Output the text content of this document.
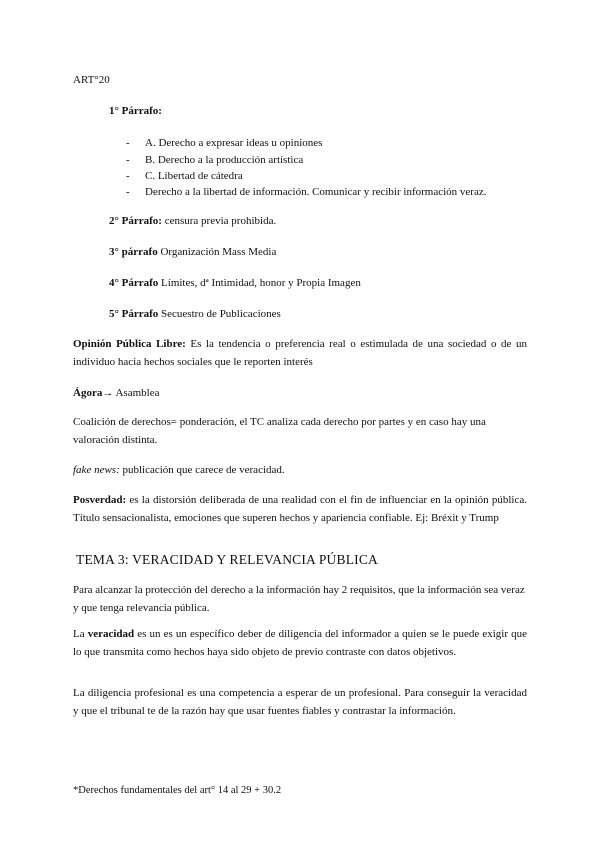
ART°20
1° Párrafo:
- A. Derecho a expresar ideas u opiniones
- B. Derecho a la producción artística
- C. Libertad de cátedra
- Derecho a la libertad de información. Comunicar y recibir información veraz.
2° Párrafo: censura previa prohibida.
3° párrafo Organización Mass Media
4° Párrafo Límites, dª Intimidad, honor y Propia Imagen
5° Párrafo Secuestro de Publicaciones
Opinión Pública Libre: Es la tendencia o preferencia real o estimulada de una sociedad o de un individuo hacia hechos sociales que le reporten interés
Ágora→ Asamblea
Coalición de derechos= ponderación, el TC analiza cada derecho por partes y en caso hay una valoración distinta.
fake news: publicación que carece de veracidad.
Posverdad: es la distorsión deliberada de una realidad con el fin de influenciar en la opinión pública. Título sensacionalista, emociones que superen hechos y apariencia confiable. Ej: Bréxit y Trump
TEMA 3: VERACIDAD Y RELEVANCIA PÚBLICA
Para alcanzar la protección del derecho a la información hay 2 requisitos, que la información sea veraz y que tenga relevancia pública.
La veracidad es un es un específico deber de diligencia del informador a quien se le puede exigir que lo que transmita como hechos haya sido objeto de previo contraste con datos objetivos.
La diligencia profesional es una competencia a esperar de un profesional. Para conseguir la veracidad y que el tribunal te de la razón hay que usar fuentes fiables y contrastar la información.
*Derechos fundamentales del art° 14 al 29 + 30.2
